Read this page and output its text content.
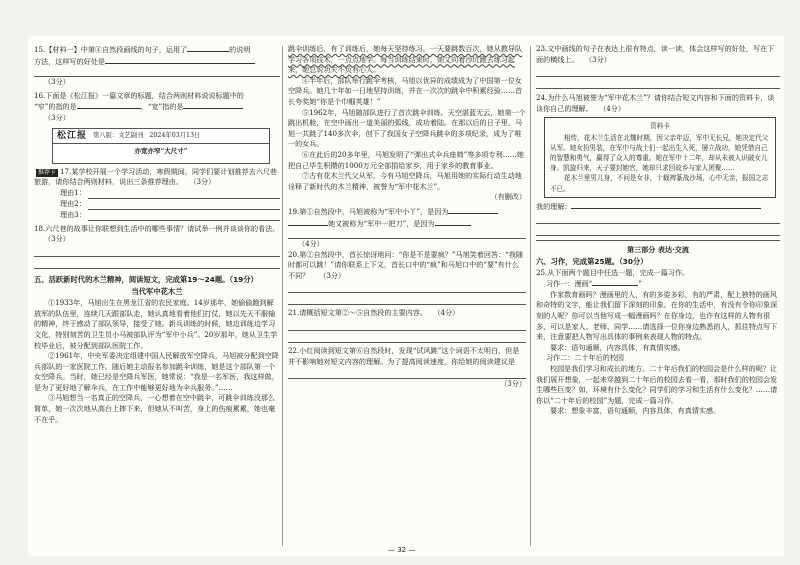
15.【材料一】中第④自然段画线的句子，运用了	的说明

方法，这样写的好处是

（3分）

16.下面是《松江报》一篇文章的标题，结合两则材料说说标题中的

“窄”的指的是	，“宽”指的是

（3分）

松江报 第八版：文艺副刊 2024年03月13日
亦宽亦窄“大尺寸”

推荐卡 17.某学校开展一个学习活动，寒假期间，同学们要计划推荐去六尺巷旅游，请你结合两则材料，说出三条推荐理由。 （3分）

理由1：
理由2：
理由3：

18.六尺巷的故事让你联想到生活中的哪些事情？请试举一例并谈谈你的看法。（3分）

五、活跃新时代的木兰精神，阅读短文，完成第19～24题。（19分）

当代军中花木兰

①1933年，马旭出生在黑龙江省的农民家庭。14岁那年，她偷偷跑到解放军的队伍里，连续几天跟部队走，她认真地看着他们打仗，她以先天不服输的精神，终于感动了部队领导，接受了她。新兵训练的时候，她边训练边学习文化，特别刻苦的卫生员小马被部队评为“军中小兵”。20岁那年，她从卫生学校毕业后，被分配到部队医院工作。

②1961年，中央军委决定组建中国人民解放军空降兵，马旭被分配到空降兵部队的一家医院工作。随后她主动报名参加跳伞训练，她是这个部队第一个女空降兵。当时，她已经是空降兵军医，她常说：“我是一名军医，我这样做，是为了更好地了解伞兵，在工作中能够更好地为伞兵服务。”……

③马旭想当一名真正的空降兵，一心想着在空中跳伞，可跳伞训练没那么简单，她一次次地从高台上摔下来，但她从不叫苦，身上的伤痕累累，她也毫不在乎。

跳伞训练后，有了训练后，她每天坚持练习。一天要跳数百次，她从教导队学习各项技术，一点点地学。每当训练结束时，她又向着沙坑跑去练习起来，她总说功夫不负有心人。

④半年后，部队举行跳伞考核，马旭以优异的成绩成为了中国第一位女空降兵。她几十年如一日地坚持训练，并在一次次的跳伞中积累经验……首长夸奖她“你是个巾帼英雄！”

⑤1962年，马旭随部队进行了首次跳伞训练。天空湛蓝无云，她第一个跳出机舱，在空中画出一道美丽的弧线，成功着陆。在那以后的日子里，马旭一共跳了140多次伞，创下了我国女子空降兵跳伞的多项纪录，成为了唯一的女兵。

⑥在此后的20多年里，马旭发明了“弹出式伞兵座椅”等多项专利……她把自己毕生积攒的1000万元全部捐给家乡，用于家乡的教育事业。

⑦古有花木兰代父从军，今有马旭空降兵，马旭用她的实际行动生动地诠释了新时代的木兰精神，被誉为“军中花木兰”。

（有删改）

19.第①自然段中，马旭被称为“军中小丫”，是因为

她又被称为“军中一把刀”，是因为

（4分）

20.第②自然段中，首长惊讶地问：“你是不是要疯？”马旭笑着回答：“我随时都可以跳！”请你联系上下文，首长口中的“疯”和马旭口中的“要”有什么不同？ （3分）

21.请概括短文第②～⑤自然段的主要内容。 （4分）

22.小红阅读到短文第⑥自然段时，发现“试风跳”这个词语不太明白，但是并不影响她对短文内容的理解。为了提高阅读速度，你给她的阅读建议是

（3分）

23.文中画线的句子在表达上很有特点，读一读，体会这样写的好处，写在下面的横线上。 （3分）

24.为什么马旭被誉为“军中花木兰”？请你结合短文内容和下面的资料卡，谈谈你自己的理解。 （4分）

资料卡

相传，花木兰生活在北魏时期，因父亲年迈，军中无长兄，她决定代父从军。她女扮男装，在军中与战士们一起出生入死，屡立战功，她凭借自己的智慧和勇气，赢得了众人的尊重。她在军中十二年，却从未被人识破女儿身。凯旋归来，天子要封她官，她却只求回故乡与家人团聚……

花木兰里男儿身，不问是女非，十载裨篆战沙场，心中无亲，报国之志不已。

我的理解：

第三部分 表达·交流

六、习作，完成第25题。（30分）

25.从下面两个题目中任选一题，完成一篇习作。

习作一：漫画“	”

作家数育画吗？漫画里的人，有的多姿多彩，有的严肃，配上独特的画风和奇特的文字，能让我们留下深刻的印象。在你的生活中，有没有令你印象深刻的人呢？你可以当他写成一幅漫画吗？在你身边，也许有这样的人物有很多，可以是家人、老师、同学……请选择一位你身边熟悉的人，抓住特点写下来，注意要把人物写出具体的事例来表现人物的特点。

要求：语句通顺，内容具体，有真情实感。

习作二：二十年后的校园

校园是我们学习和成长的地方。二十年后我们的校园会是什么样的呢？让我们展开想象，一起来穿越到二十年后的校园去看一看，那时我们的校园会发生哪些巨变？如，环境有什么变化？同学们的学习和生活有什么变化？……请你以“二十年后的校园”为题，完成一篇习作。

要求：想象丰富，语句通顺，内容具体，有真情实感。

— 32 —
